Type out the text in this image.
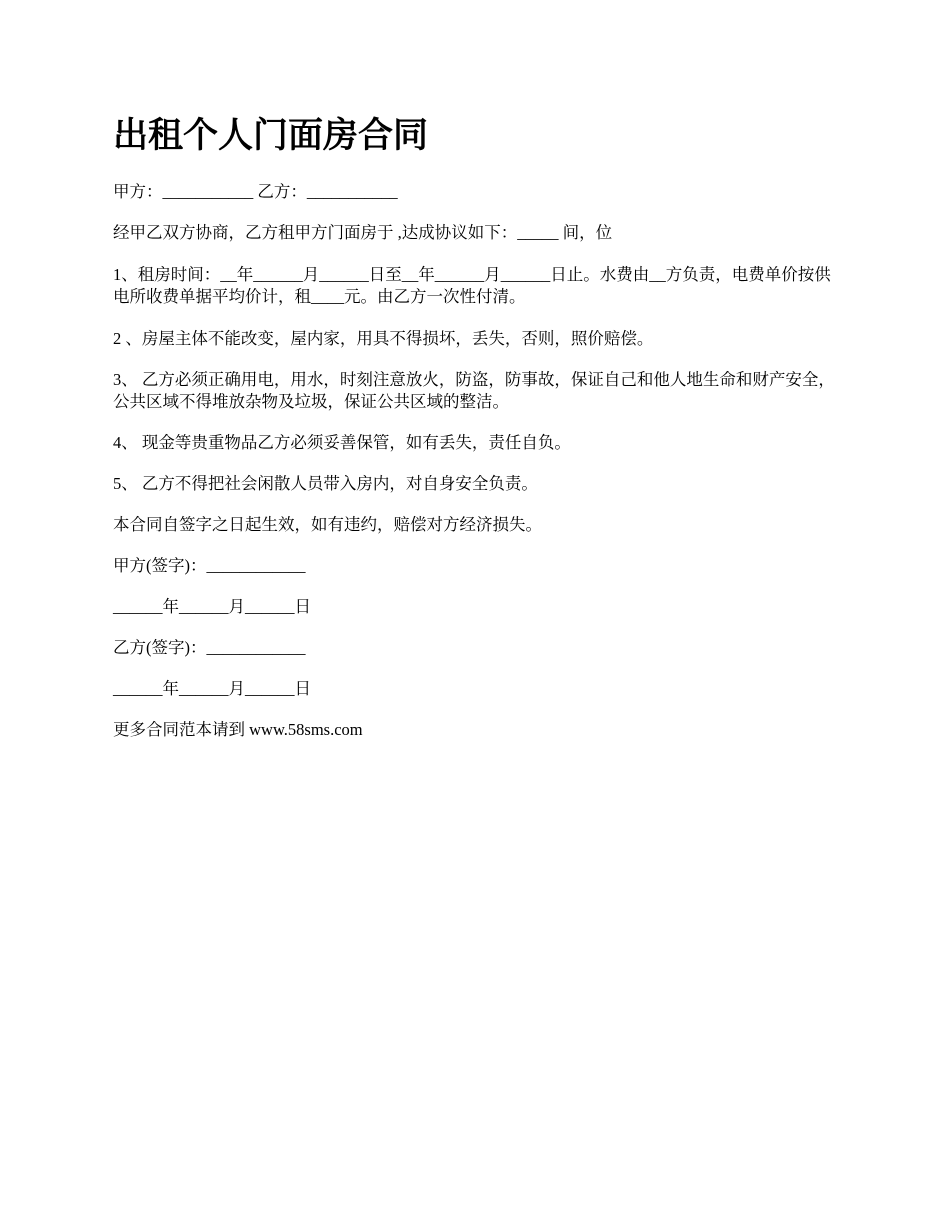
出租个人门面房合同

甲方：___________ 乙方：___________

经甲乙双方协商，乙方租甲方门面房于 ,达成协议如下：_____ 间，位

1、租房时间：__年______月______日至__年______月______日止。水费由__方负责，电费单价按供电所收费单据平均价计，租____元。由乙方一次性付清。

2 、房屋主体不能改变，屋内家，用具不得损坏，丢失，否则，照价赔偿。

3、 乙方必须正确用电，用水，时刻注意放火，防盗，防事故，保证自己和他人地生命和财产安全，公共区域不得堆放杂物及垃圾，保证公共区域的整洁。

4、 现金等贵重物品乙方必须妥善保管，如有丢失，责任自负。

5、 乙方不得把社会闲散人员带入房内，对自身安全负责。

本合同自签字之日起生效，如有违约，赔偿对方经济损失。

甲方(签字)：____________

______年______月______日

乙方(签字)：____________

______年______月______日

更多合同范本请到 www.58sms.com
